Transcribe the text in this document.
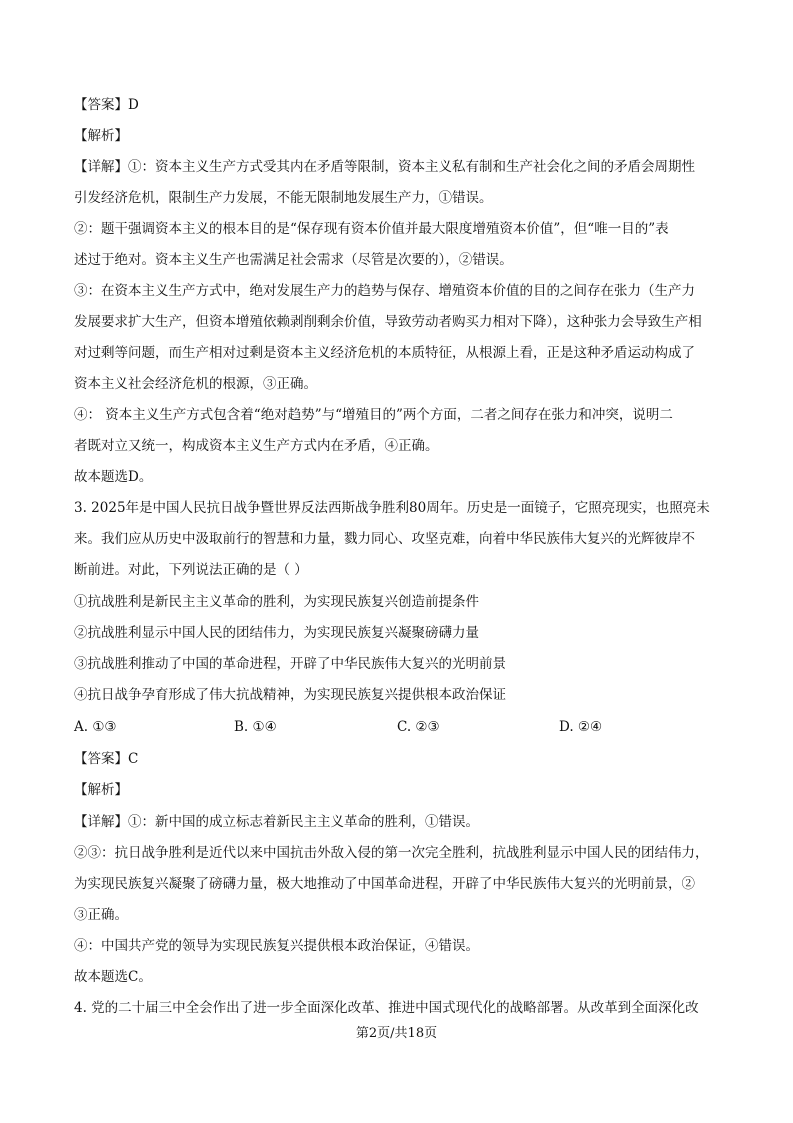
【答案】D
【解析】
【详解】①：资本主义生产方式受其内在矛盾等限制，资本主义私有制和生产社会化之间的矛盾会周期性
引发经济危机，限制生产力发展，不能无限制地发展生产力，①错误。
②：题干强调资本主义的根本目的是“保存现有资本价值并最大限度增殖资本价值”，但“唯一目的”表
述过于绝对。资本主义生产也需满足社会需求（尽管是次要的），②错误。
③：在资本主义生产方式中，绝对发展生产力的趋势与保存、增殖资本价值的目的之间存在张力（生产力
发展要求扩大生产，但资本增殖依赖剥削剩余价值，导致劳动者购买力相对下降），这种张力会导致生产相
对过剩等问题，而生产相对过剩是资本主义经济危机的本质特征，从根源上看，正是这种矛盾运动构成了
资本主义社会经济危机的根源，③正确。
④： 资本主义生产方式包含着“绝对趋势”与“增殖目的”两个方面，二者之间存在张力和冲突，说明二
者既对立又统一，构成资本主义生产方式内在矛盾，④正确。
故本题选D。
3. 2025年是中国人民抗日战争暨世界反法西斯战争胜利80周年。历史是一面镜子，它照亮现实，也照亮未
来。我们应从历史中汲取前行的智慧和力量，戮力同心、攻坚克难，向着中华民族伟大复兴的光辉彼岸不
断前进。对此，下列说法正确的是（ ）
①抗战胜利是新民主主义革命的胜利，为实现民族复兴创造前提条件
②抗战胜利显示中国人民的团结伟力，为实现民族复兴凝聚磅礴力量
③抗战胜利推动了中国的革命进程，开辟了中华民族伟大复兴的光明前景
④抗日战争孕育形成了伟大抗战精神，为实现民族复兴提供根本政治保证
A. ①③	B. ①④	C. ②③	D. ②④
【答案】C
【解析】
【详解】①：新中国的成立标志着新民主主义革命的胜利，①错误。
②③：抗日战争胜利是近代以来中国抗击外敌入侵的第一次完全胜利，抗战胜利显示中国人民的团结伟力，
为实现民族复兴凝聚了磅礴力量，极大地推动了中国革命进程，开辟了中华民族伟大复兴的光明前景，②
③正确。
④：中国共产党的领导为实现民族复兴提供根本政治保证，④错误。
故本题选C。
4. 党的二十届三中全会作出了进一步全面深化改革、推进中国式现代化的战略部署。从改革到全面深化改
第2页/共18页
